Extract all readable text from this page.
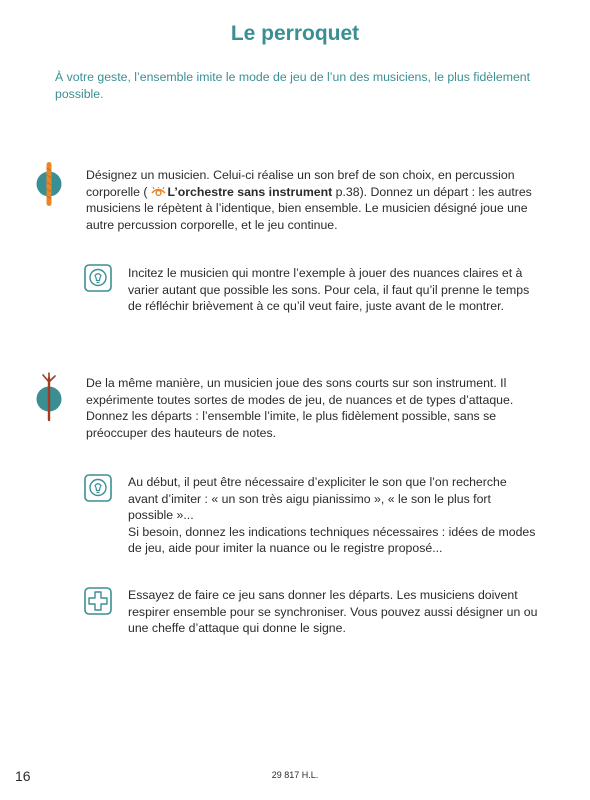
Le perroquet

À votre geste, l’ensemble imite le mode de jeu de l’un des musiciens, le plus fidèlement possible.

Désignez un musicien. Celui-ci réalise un son bref de son choix, en percussion corporelle ( L’orchestre sans instrument p.38). Donnez un départ : les autres musiciens le répètent à l’identique, bien ensemble. Le musicien désigné joue une autre percussion corporelle, et le jeu continue.

Incitez le musicien qui montre l’exemple à jouer des nuances claires et à varier autant que possible les sons. Pour cela, il faut qu’il prenne le temps de réfléchir brièvement à ce qu’il veut faire, juste avant de le montrer.

De la même manière, un musicien joue des sons courts sur son instrument. Il expérimente toutes sortes de modes de jeu, de nuances et de types d’attaque. Donnez les départs : l’ensemble l’imite, le plus fidèlement possible, sans se préoccuper des hauteurs de notes.

Au début, il peut être nécessaire d’expliciter le son que l’on recherche avant d’imiter : « un son très aigu pianissimo », « le son le plus fort possible »...
Si besoin, donnez les indications techniques nécessaires : idées de modes de jeu, aide pour imiter la nuance ou le registre proposé...

Essayez de faire ce jeu sans donner les départs. Les musiciens doivent respirer ensemble pour se synchroniser. Vous pouvez aussi désigner un ou une cheffe d’attaque qui donne le signe.

16	29 817 H.L.
